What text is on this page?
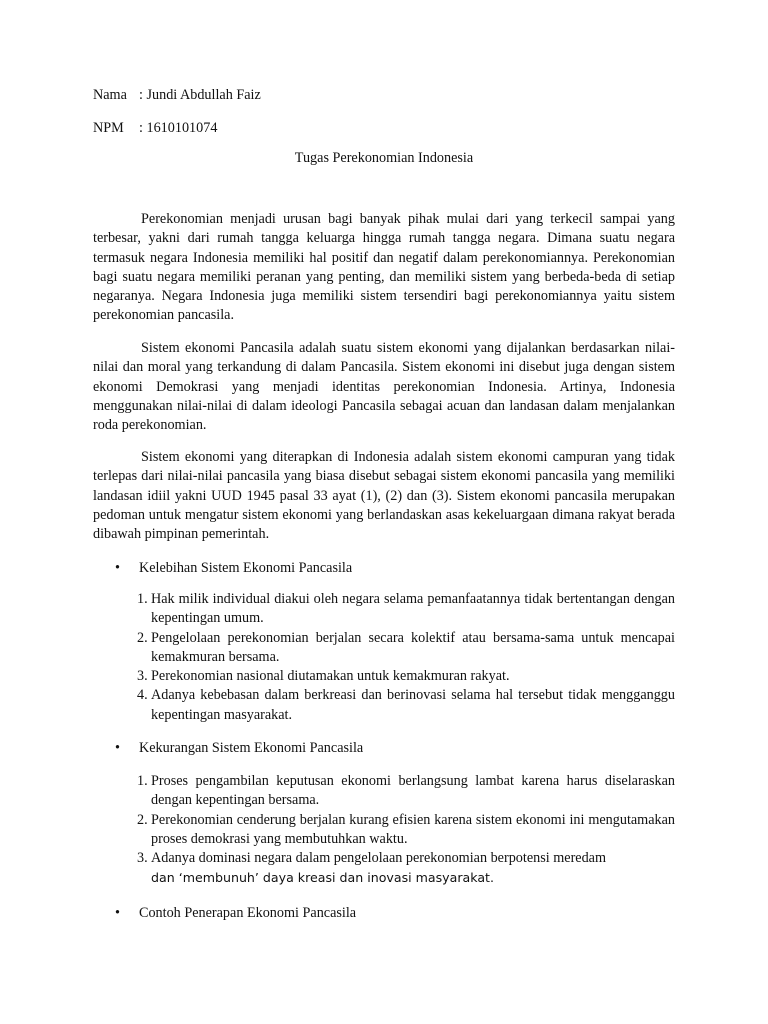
Nama : Jundi Abdullah Faiz
NPM : 1610101074
Tugas Perekonomian Indonesia

Perekonomian menjadi urusan bagi banyak pihak mulai dari yang terkecil sampai yang terbesar, yakni dari rumah tangga keluarga hingga rumah tangga negara. Dimana suatu negara termasuk negara Indonesia memiliki hal positif dan negatif dalam perekonomiannya. Perekonomian bagi suatu negara memiliki peranan yang penting, dan memiliki sistem yang berbeda-beda di setiap negaranya. Negara Indonesia juga memiliki sistem tersendiri bagi perekonomiannya yaitu sistem perekonomian pancasila.

Sistem ekonomi Pancasila adalah suatu sistem ekonomi yang dijalankan berdasarkan nilai-nilai dan moral yang terkandung di dalam Pancasila. Sistem ekonomi ini disebut juga dengan sistem ekonomi Demokrasi yang menjadi identitas perekonomian Indonesia. Artinya, Indonesia menggunakan nilai-nilai di dalam ideologi Pancasila sebagai acuan dan landasan dalam menjalankan roda perekonomian.

Sistem ekonomi yang diterapkan di Indonesia adalah sistem ekonomi campuran yang tidak terlepas dari nilai-nilai pancasila yang biasa disebut sebagai sistem ekonomi pancasila yang memiliki landasan idiil yakni UUD 1945 pasal 33 ayat (1), (2) dan (3). Sistem ekonomi pancasila merupakan pedoman untuk mengatur sistem ekonomi yang berlandaskan asas kekeluargaan dimana rakyat berada dibawah pimpinan pemerintah.

• Kelebihan Sistem Ekonomi Pancasila
1. Hak milik individual diakui oleh negara selama pemanfaatannya tidak bertentangan dengan kepentingan umum.
2. Pengelolaan perekonomian berjalan secara kolektif atau bersama-sama untuk mencapai kemakmuran bersama.
3. Perekonomian nasional diutamakan untuk kemakmuran rakyat.
4. Adanya kebebasan dalam berkreasi dan berinovasi selama hal tersebut tidak mengganggu kepentingan masyarakat.
• Kekurangan Sistem Ekonomi Pancasila
1. Proses pengambilan keputusan ekonomi berlangsung lambat karena harus diselaraskan dengan kepentingan bersama.
2. Perekonomian cenderung berjalan kurang efisien karena sistem ekonomi ini mengutamakan proses demokrasi yang membutuhkan waktu.
3. Adanya dominasi negara dalam pengelolaan perekonomian berpotensi meredam
dan ‘membunuh’ daya kreasi dan inovasi masyarakat.
• Contoh Penerapan Ekonomi Pancasila
